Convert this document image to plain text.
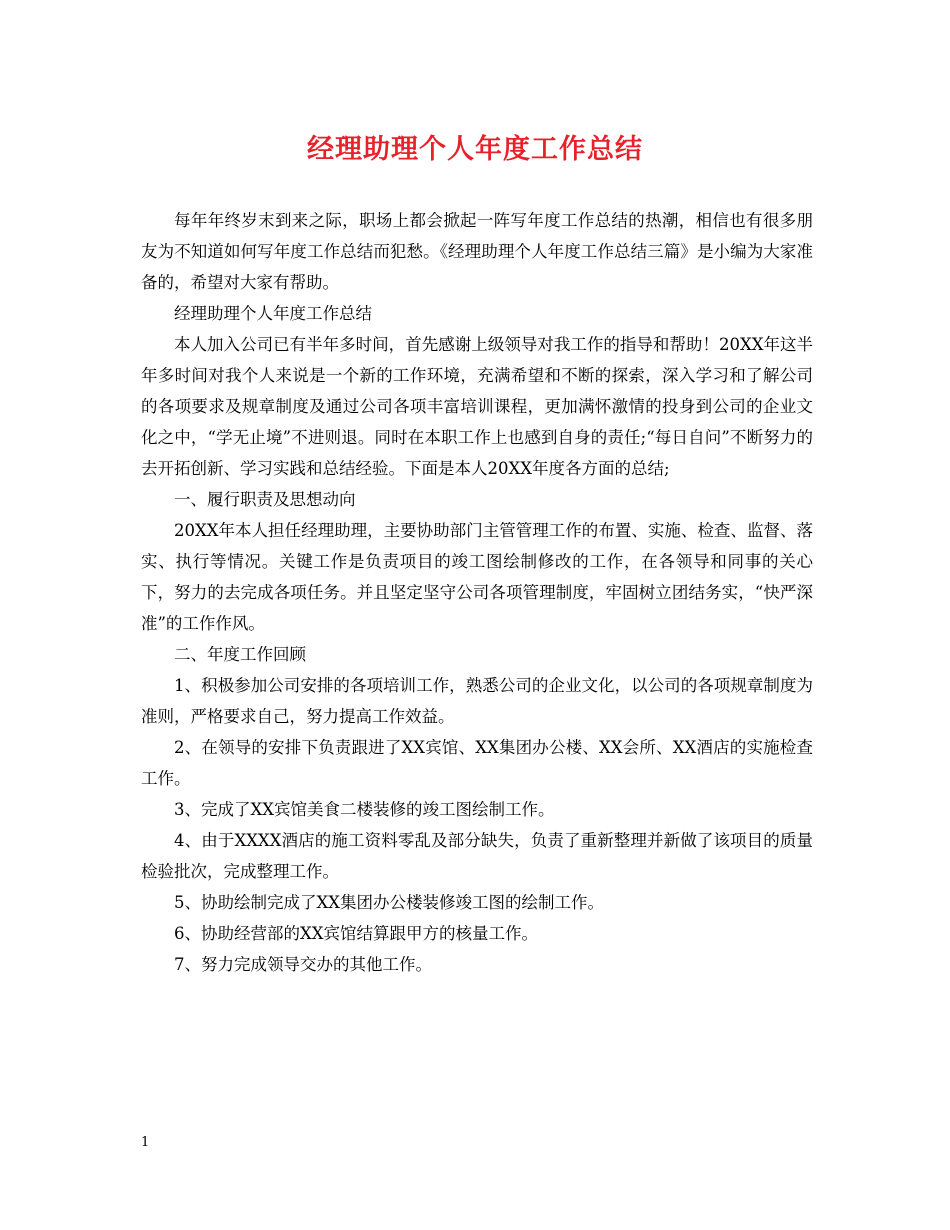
经理助理个人年度工作总结

每年年终岁末到来之际，职场上都会掀起一阵写年度工作总结的热潮，相信也有很多朋友为不知道如何写年度工作总结而犯愁。《经理助理个人年度工作总结三篇》是小编为大家准备的，希望对大家有帮助。

经理助理个人年度工作总结

本人加入公司已有半年多时间，首先感谢上级领导对我工作的指导和帮助！20XX年这半年多时间对我个人来说是一个新的工作环境，充满希望和不断的探索，深入学习和了解公司的各项要求及规章制度及通过公司各项丰富培训课程，更加满怀激情的投身到公司的企业文化之中，“学无止境”不进则退。同时在本职工作上也感到自身的责任;“每日自问”不断努力的去开拓创新、学习实践和总结经验。下面是本人20XX年度各方面的总结;

一、履行职责及思想动向

20XX年本人担任经理助理，主要协助部门主管管理工作的布置、实施、检查、监督、落实、执行等情况。关键工作是负责项目的竣工图绘制修改的工作，在各领导和同事的关心下，努力的去完成各项任务。并且坚定坚守公司各项管理制度，牢固树立团结务实，“快严深准”的工作作风。

二、年度工作回顾

1、积极参加公司安排的各项培训工作，熟悉公司的企业文化，以公司的各项规章制度为准则，严格要求自己，努力提高工作效益。

2、在领导的安排下负责跟进了XX宾馆、XX集团办公楼、XX会所、XX酒店的实施检查工作。

3、完成了XX宾馆美食二楼装修的竣工图绘制工作。

4、由于XXXX酒店的施工资料零乱及部分缺失，负责了重新整理并新做了该项目的质量检验批次，完成整理工作。

5、协助绘制完成了XX集团办公楼装修竣工图的绘制工作。

6、协助经营部的XX宾馆结算跟甲方的核量工作。

7、努力完成领导交办的其他工作。

1
